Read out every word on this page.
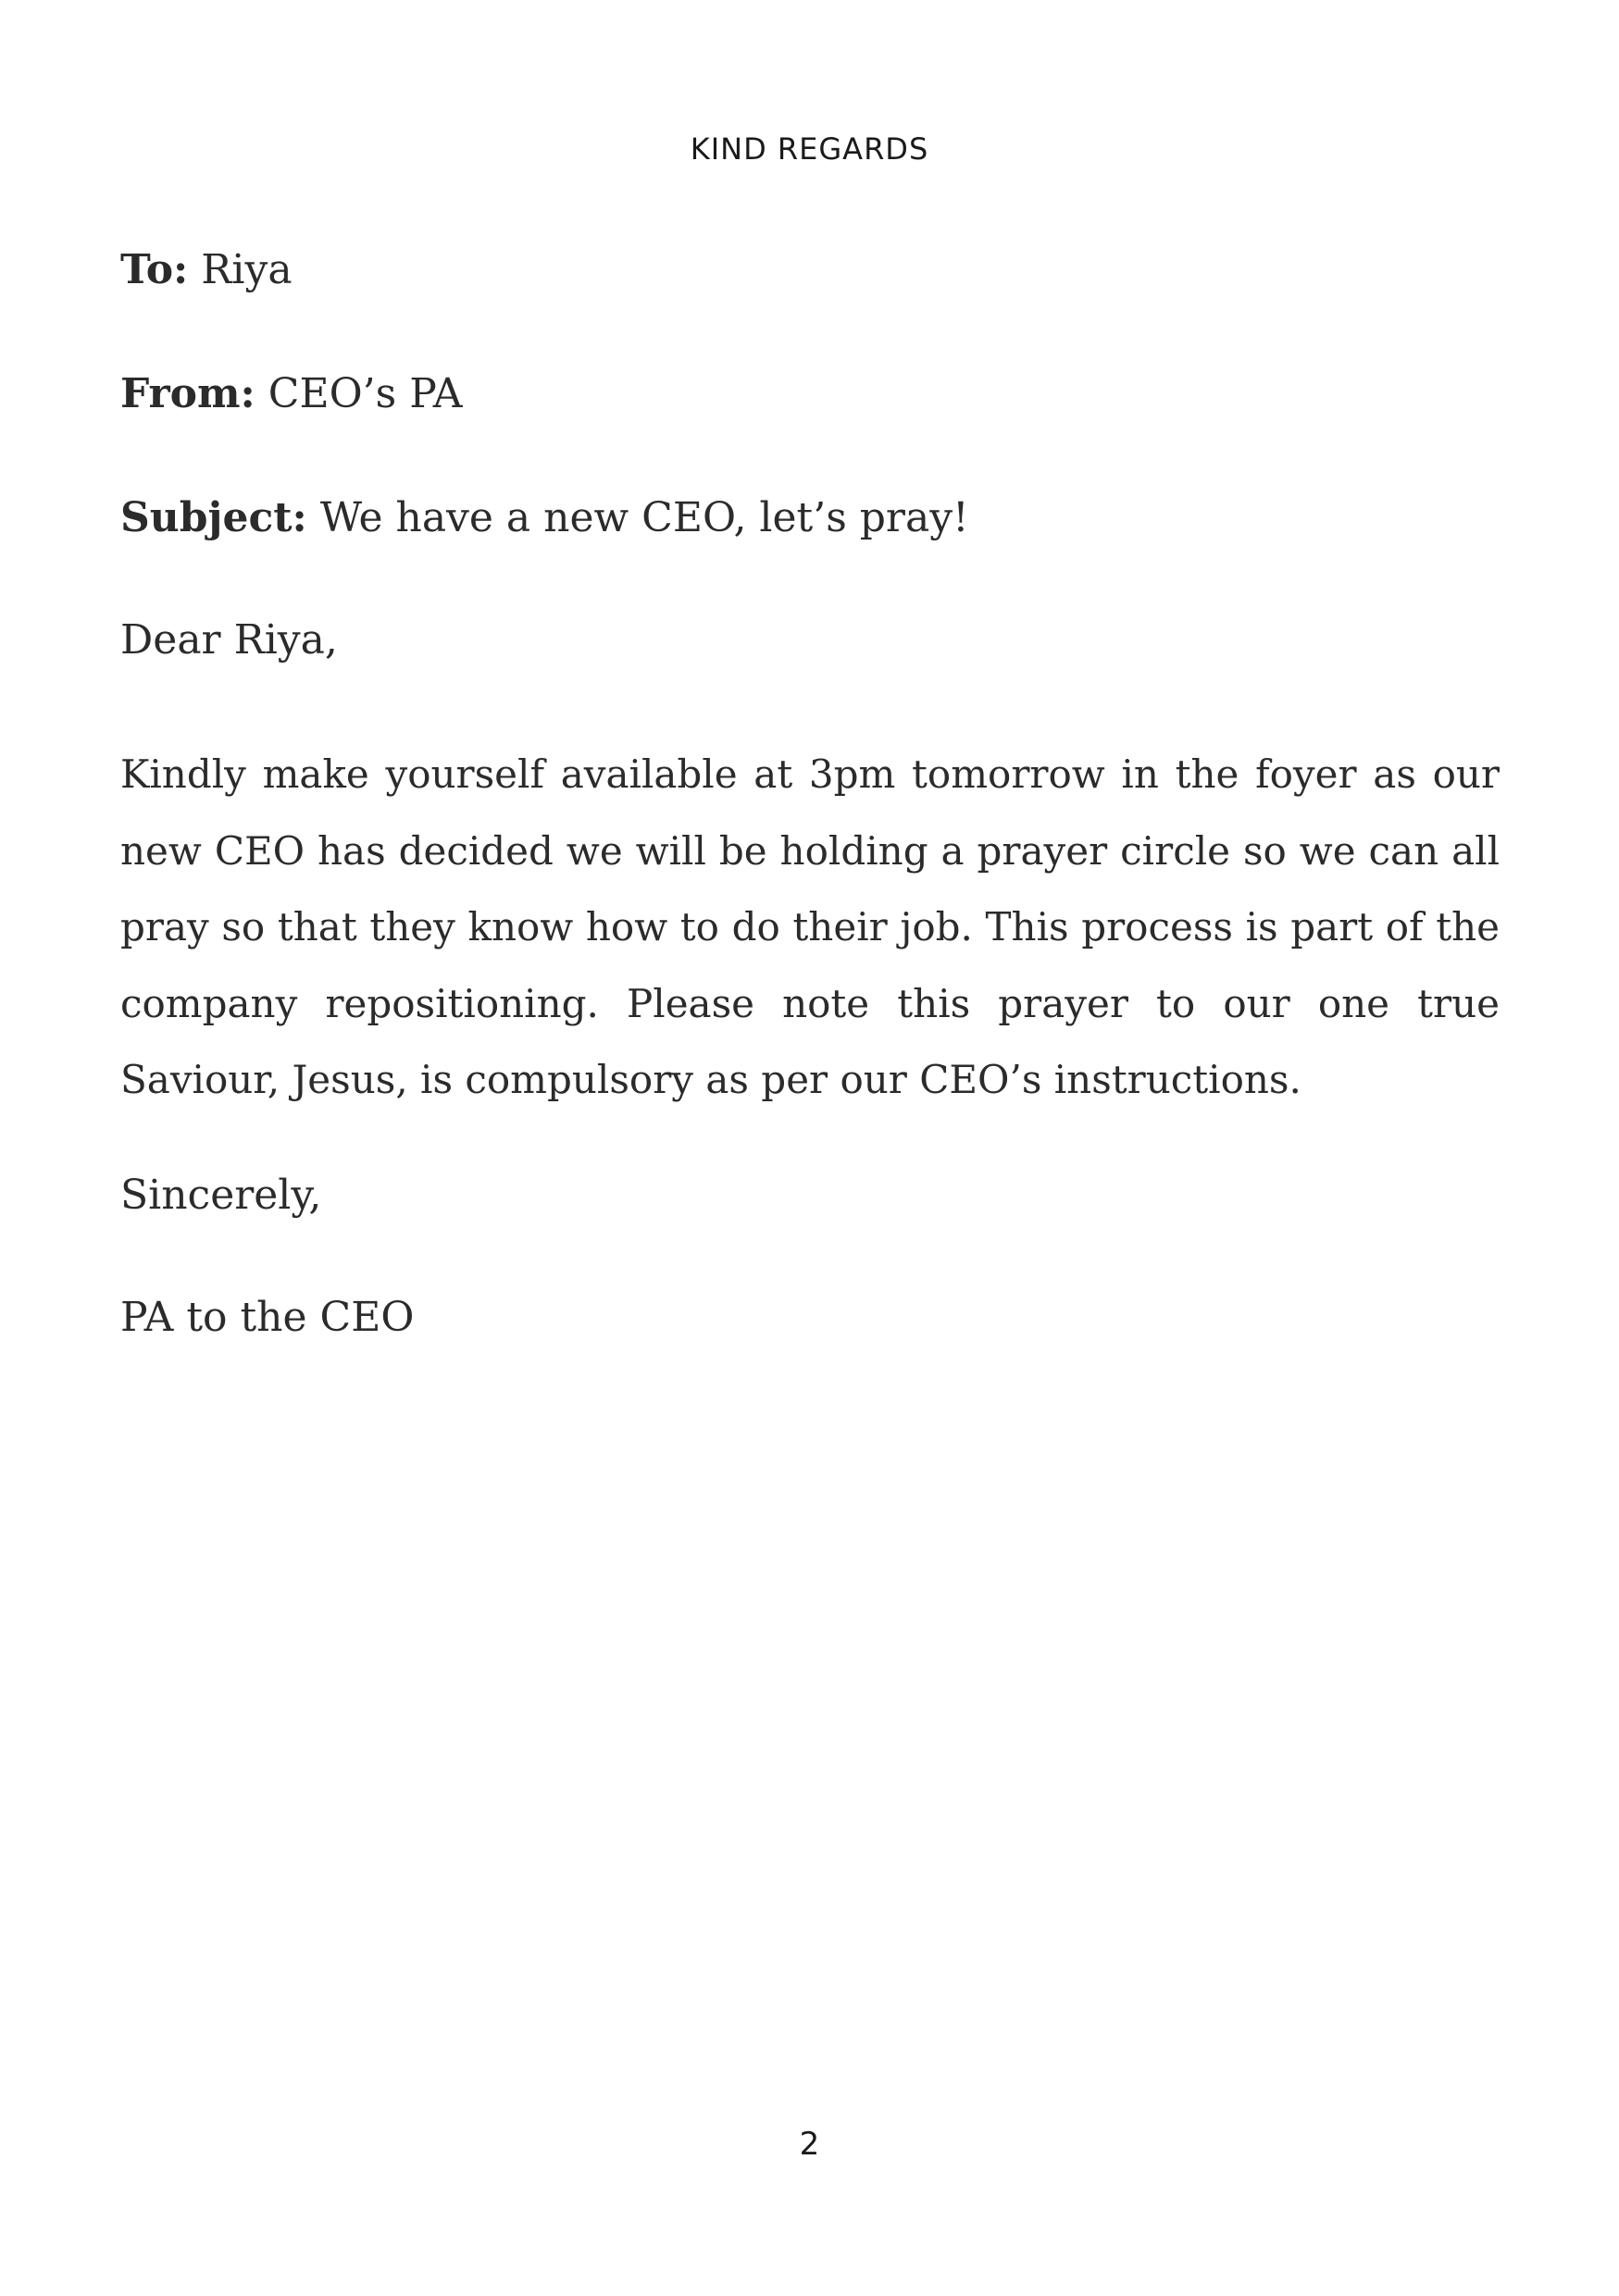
KIND REGARDS

To: Riya

From: CEO’s PA

Subject: We have a new CEO, let’s pray!

Dear Riya,

Kindly make yourself available at 3pm tomorrow in the foyer as our new CEO has decided we will be holding a prayer circle so we can all pray so that they know how to do their job. This process is part of the company repositioning. Please note this prayer to our one true Saviour, Jesus, is compulsory as per our CEO’s instructions.

Sincerely,

PA to the CEO

2
